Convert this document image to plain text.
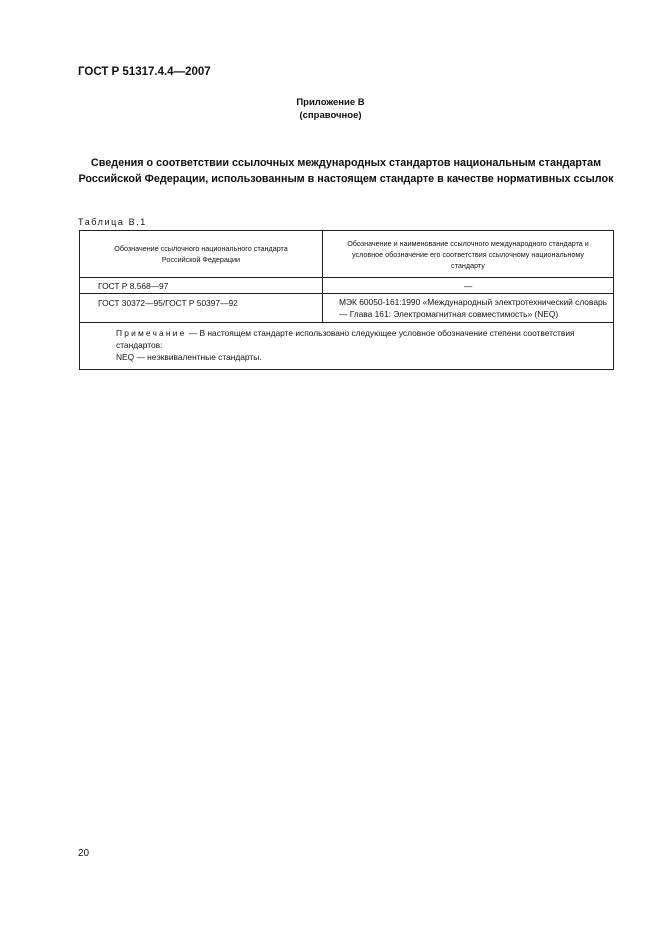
ГОСТ Р 51317.4.4—2007
Приложение В
(справочное)
Сведения о соответствии ссылочных международных стандартов национальным стандартам Российской Федерации, использованным в настоящем стандарте в качестве нормативных ссылок
Таблица В.1
Обозначение ссылочного национального стандарта Российской Федерации	Обозначение и наименование ссылочного международного стандарта и условное обозначение его соответствия ссылочному национальному стандарту
ГОСТ Р 8.568—97	—
ГОСТ 30372—95/ГОСТ Р 50397—92	МЭК 60050-161:1990 «Международный электротехнический словарь — Глава 161: Электромагнитная совместимость» (NEQ)

Примечание — В настоящем стандарте использовано следующее условное обозначение степени соответствия стандартов:
NEQ — неэквивалентные стандарты.	
20
